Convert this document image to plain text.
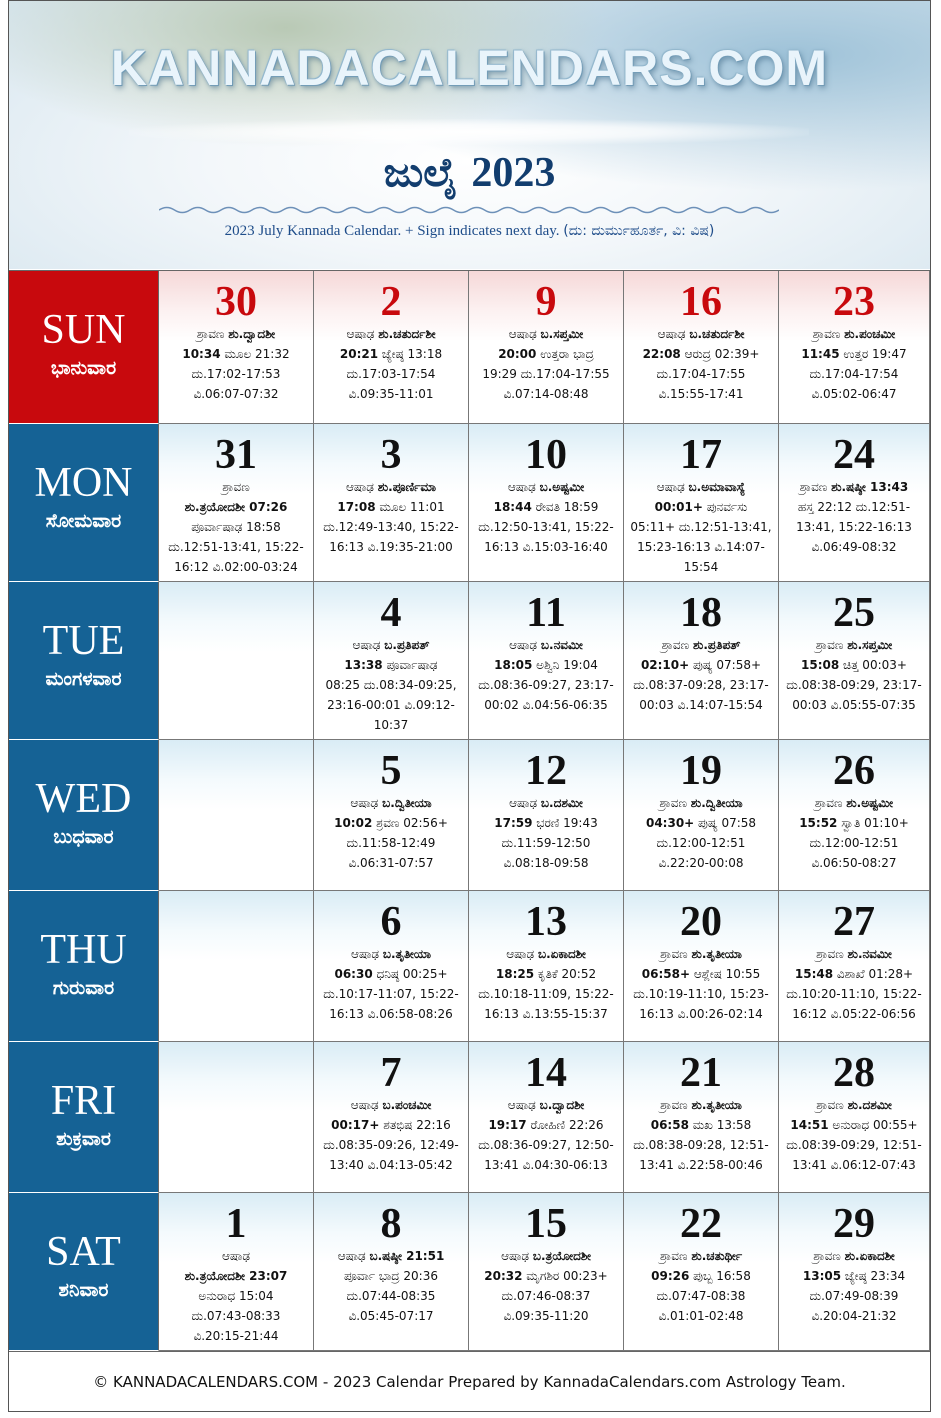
KANNADACALENDARS.COM
ಜುಲೈ 2023
2023 July Kannada Calendar. + Sign indicates next day. (ದು: ದುರ್ಮುಹೂರ್ತ, ವಿ: ವಿಷ)
SUN
ಭಾನುವಾರ
30
ಶ್ರಾವಣ ಶು.ದ್ವಾದಶೀ
10:34 ಮೂಲ 21:32
ದು.17:02-17:53
ವಿ.06:07-07:32
2
ಆಷಾಢ ಶು.ಚತುರ್ದಶೀ
20:21 ಜ್ಯೇಷ್ಠ 13:18
ದು.17:03-17:54
ವಿ.09:35-11:01
9
ಆಷಾಢ ಬ.ಸಪ್ತಮೀ
20:00 ಉತ್ತರಾ ಭಾದ್ರ
19:29 ದು.17:04-17:55
ವಿ.07:14-08:48
16
ಆಷಾಢ ಬ.ಚತುರ್ದಶೀ
22:08 ಆರುದ್ರ 02:39+
ದು.17:04-17:55
ವಿ.15:55-17:41
23
ಶ್ರಾವಣ ಶು.ಪಂಚಮೀ
11:45 ಉತ್ತರ 19:47
ದು.17:04-17:54
ವಿ.05:02-06:47
MON
ಸೋಮವಾರ
31
ಶ್ರಾವಣ
ಶು.ತ್ರಯೋದಶೀ 07:26
ಪೂರ್ವಾಷಾಢ 18:58
ದು.12:51-13:41, 15:22-
16:12 ವಿ.02:00-03:24
3
ಆಷಾಢ ಶು.ಪೂರ್ಣಿಮಾ
17:08 ಮೂಲ 11:01
ದು.12:49-13:40, 15:22-
16:13 ವಿ.19:35-21:00
10
ಆಷಾಢ ಬ.ಅಷ್ಟಮೀ
18:44 ರೇವತಿ 18:59
ದು.12:50-13:41, 15:22-
16:13 ವಿ.15:03-16:40
17
ಆಷಾಢ ಬ.ಅಮಾವಾಸ್ಯೆ
00:01+ ಪುನರ್ವಸು
05:11+ ದು.12:51-13:41,
15:23-16:13 ವಿ.14:07-
15:54
24
ಶ್ರಾವಣ ಶು.ಷಷ್ಠೀ 13:43
ಹಸ್ತ 22:12 ದು.12:51-
13:41, 15:22-16:13
ವಿ.06:49-08:32
TUE
ಮಂಗಳವಾರ
4
ಆಷಾಢ ಬ.ಪ್ರತಿಪತ್
13:38 ಪೂರ್ವಾಷಾಢ
08:25 ದು.08:34-09:25,
23:16-00:01 ವಿ.09:12-
10:37
11
ಆಷಾಢ ಬ.ನವಮೀ
18:05 ಅಶ್ವಿನಿ 19:04
ದು.08:36-09:27, 23:17-
00:02 ವಿ.04:56-06:35
18
ಶ್ರಾವಣ ಶು.ಪ್ರತಿಪತ್
02:10+ ಪುಷ್ಯ 07:58+
ದು.08:37-09:28, 23:17-
00:03 ವಿ.14:07-15:54
25
ಶ್ರಾವಣ ಶು.ಸಪ್ತಮೀ
15:08 ಚಿತ್ತ 00:03+
ದು.08:38-09:29, 23:17-
00:03 ವಿ.05:55-07:35
WED
ಬುಧವಾರ
5
ಆಷಾಢ ಬ.ದ್ವಿತೀಯಾ
10:02 ಶ್ರವಣ 02:56+
ದು.11:58-12:49
ವಿ.06:31-07:57
12
ಆಷಾಢ ಬ.ದಶಮೀ
17:59 ಭರಣಿ 19:43
ದು.11:59-12:50
ವಿ.08:18-09:58
19
ಶ್ರಾವಣ ಶು.ದ್ವಿತೀಯಾ
04:30+ ಪುಷ್ಯ 07:58
ದು.12:00-12:51
ವಿ.22:20-00:08
26
ಶ್ರಾವಣ ಶು.ಅಷ್ಟಮೀ
15:52 ಸ್ವಾತಿ 01:10+
ದು.12:00-12:51
ವಿ.06:50-08:27
THU
ಗುರುವಾರ
6
ಆಷಾಢ ಬ.ತೃತೀಯಾ
06:30 ಧನಿಷ್ಠ 00:25+
ದು.10:17-11:07, 15:22-
16:13 ವಿ.06:58-08:26
13
ಆಷಾಢ ಬ.ಏಕಾದಶೀ
18:25 ಕೃತಿಕೆ 20:52
ದು.10:18-11:09, 15:22-
16:13 ವಿ.13:55-15:37
20
ಶ್ರಾವಣ ಶು.ತೃತೀಯಾ
06:58+ ಆಶ್ಲೇಷ 10:55
ದು.10:19-11:10, 15:23-
16:13 ವಿ.00:26-02:14
27
ಶ್ರಾವಣ ಶು.ನವಮೀ
15:48 ವಿಶಾಖೆ 01:28+
ದು.10:20-11:10, 15:22-
16:12 ವಿ.05:22-06:56
FRI
ಶುಕ್ರವಾರ
7
ಆಷಾಢ ಬ.ಪಂಚಮೀ
00:17+ ಶತಭಿಷ 22:16
ದು.08:35-09:26, 12:49-
13:40 ವಿ.04:13-05:42
14
ಆಷಾಢ ಬ.ದ್ವಾದಶೀ
19:17 ರೋಹಿಣಿ 22:26
ದು.08:36-09:27, 12:50-
13:41 ವಿ.04:30-06:13
21
ಶ್ರಾವಣ ಶು.ತೃತೀಯಾ
06:58 ಮಖ 13:58
ದು.08:38-09:28, 12:51-
13:41 ವಿ.22:58-00:46
28
ಶ್ರಾವಣ ಶು.ದಶಮೀ
14:51 ಅನುರಾಧ 00:55+
ದು.08:39-09:29, 12:51-
13:41 ವಿ.06:12-07:43
SAT
ಶನಿವಾರ
1
ಆಷಾಢ
ಶು.ತ್ರಯೋದಶೀ 23:07
ಅನುರಾಧ 15:04
ದು.07:43-08:33
ವಿ.20:15-21:44
8
ಆಷಾಢ ಬ.ಷಷ್ಠೀ 21:51
ಪೂರ್ವಾ ಭಾದ್ರ 20:36
ದು.07:44-08:35
ವಿ.05:45-07:17
15
ಆಷಾಢ ಬ.ತ್ರಯೋದಶೀ
20:32 ಮೃಗಶಿರ 00:23+
ದು.07:46-08:37
ವಿ.09:35-11:20
22
ಶ್ರಾವಣ ಶು.ಚತುರ್ಥೀ
09:26 ಪುಬ್ಬ 16:58
ದು.07:47-08:38
ವಿ.01:01-02:48
29
ಶ್ರಾವಣ ಶು.ಏಕಾದಶೀ
13:05 ಜ್ಯೇಷ್ಠ 23:34
ದು.07:49-08:39
ವಿ.20:04-21:32
© KANNADACALENDARS.COM - 2023 Calendar Prepared by KannadaCalendars.com Astrology Team.
